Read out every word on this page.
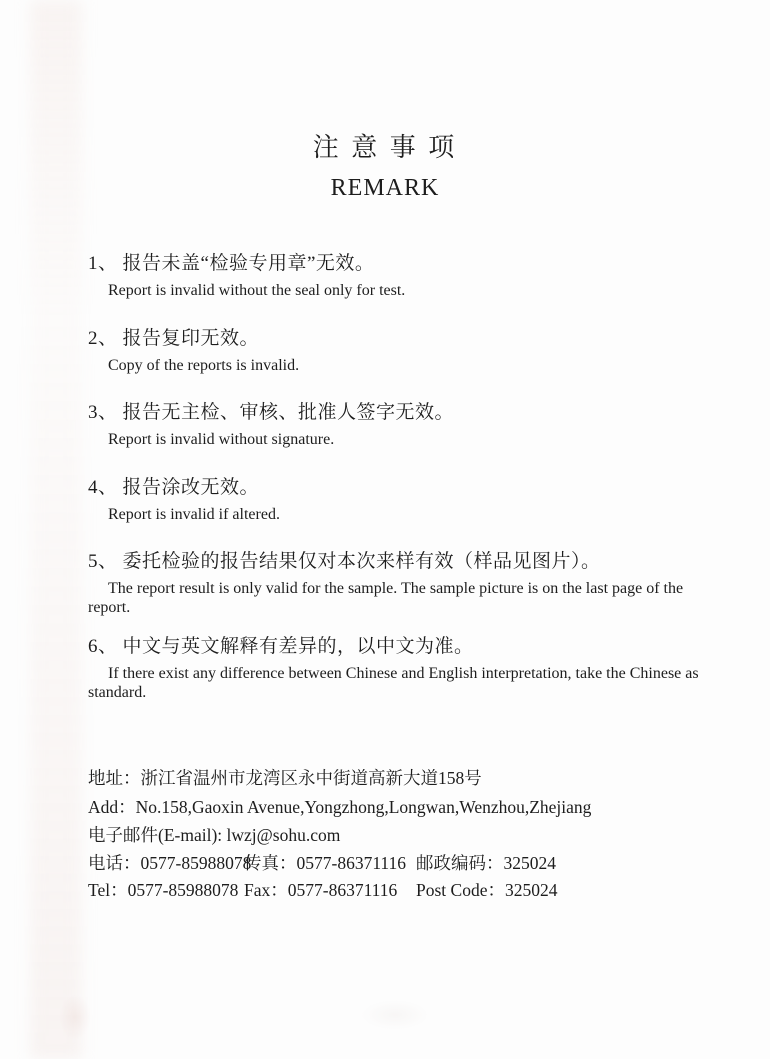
注 意 事 项
REMARK
1、 报告未盖“检验专用章”无效。

Report is invalid without the seal only for test.

2、 报告复印无效。

Copy of the reports is invalid.

3、 报告无主检、审核、批准人签字无效。

Report is invalid without signature.

4、 报告涂改无效。

Report is invalid if altered.

5、 委托检验的报告结果仅对本次来样有效（样品见图片）。

The report result is only valid for the sample. The sample picture is on the last page of the report.

6、 中文与英文解释有差异的，以中文为准。

If there exist any difference between Chinese and English interpretation, take the Chinese as standard.

地址：浙江省温州市龙湾区永中街道高新大道158号
Add：No.158,Gaoxin Avenue,Yongzhong,Longwan,Wenzhou,Zhejiang
电子邮件(E-mail): lwzj@sohu.com
电话：0577-85988078
传真：0577-86371116 邮政编码：325024
Tel：0577-85988078 Fax：0577-86371116	Post Code：325024
